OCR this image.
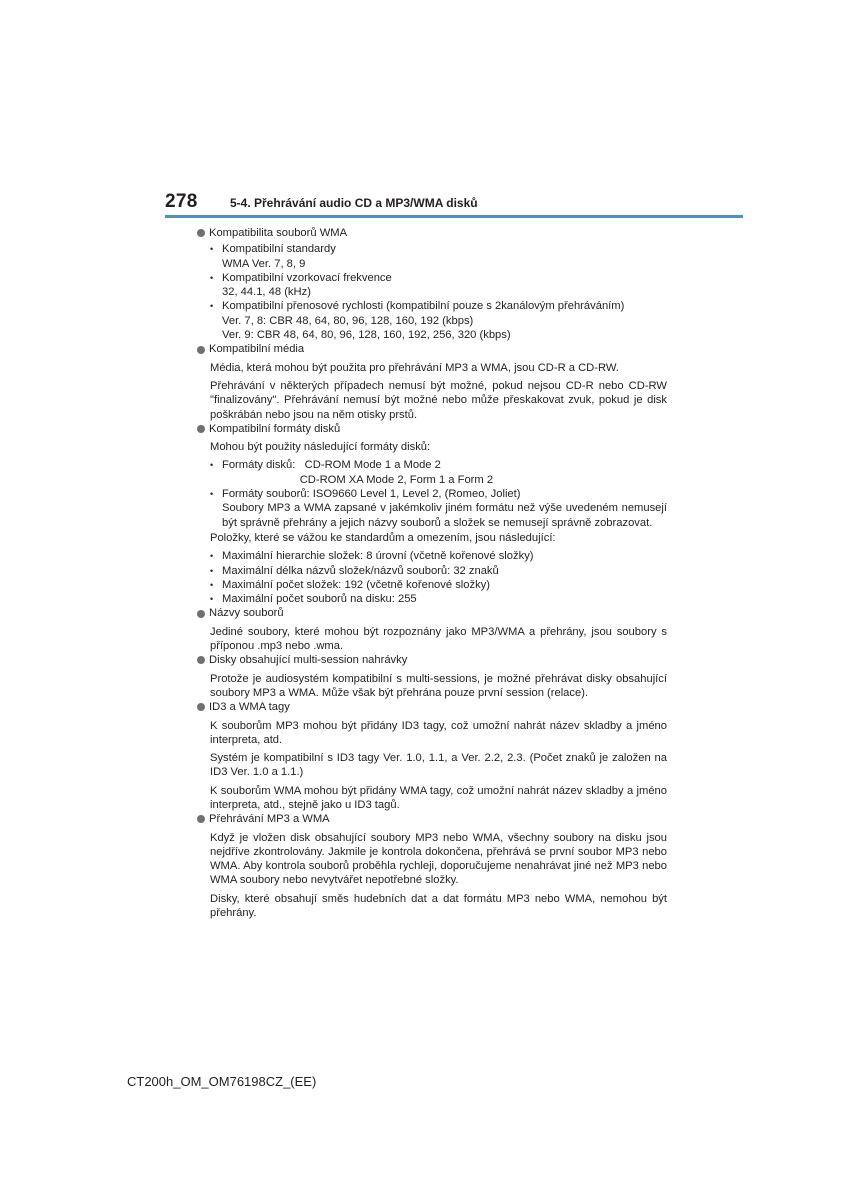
278	5-4. Přehrávání audio CD a MP3/WMA disků
Kompatibilita souborů WMA
• Kompatibilní standardy
WMA Ver. 7, 8, 9
• Kompatibilní vzorkovací frekvence
32, 44.1, 48 (kHz)
• Kompatibilní přenosové rychlosti (kompatibilní pouze s 2kanálovým přehráváním)
Ver. 7, 8: CBR 48, 64, 80, 96, 128, 160, 192 (kbps)
Ver. 9: CBR 48, 64, 80, 96, 128, 160, 192, 256, 320 (kbps)
Kompatibilní média
Média, která mohou být použita pro přehrávání MP3 a WMA, jsou CD-R a CD-RW.
Přehrávání v některých případech nemusí být možné, pokud nejsou CD-R nebo CD-RW "finalizovány". Přehrávání nemusí být možné nebo může přeskakovat zvuk, pokud je disk poškrábán nebo jsou na něm otisky prstů.
Kompatibilní formáty disků
Mohou být použity následující formáty disků:
• Formáty disků:   CD-ROM Mode 1 a Mode 2
CD-ROM XA Mode 2, Form 1 a Form 2
• Formáty souborů: ISO9660 Level 1, Level 2, (Romeo, Joliet)
Soubory MP3 a WMA zapsané v jakémkoliv jiném formátu než výše uvedeném nemusejí být správně přehrány a jejich názvy souborů a složek se nemusejí správně zobrazovat.
Položky, které se vážou ke standardům a omezením, jsou následující:
• Maximální hierarchie složek: 8 úrovní (včetně kořenové složky)
• Maximální délka názvů složek/názvů souborů: 32 znaků
• Maximální počet složek: 192 (včetně kořenové složky)
• Maximální počet souborů na disku: 255
Názvy souborů
Jediné soubory, které mohou být rozpoznány jako MP3/WMA a přehrány, jsou soubory s příponou .mp3 nebo .wma.
Disky obsahující multi-session nahrávky
Protože je audiosystém kompatibilní s multi-sessions, je možné přehrávat disky obsahující soubory MP3 a WMA. Může však být přehrána pouze první session (relace).
ID3 a WMA tagy
K souborům MP3 mohou být přidány ID3 tagy, což umožní nahrát název skladby a jméno interpreta, atd.
Systém je kompatibilní s ID3 tagy Ver. 1.0, 1.1, a Ver. 2.2, 2.3. (Počet znaků je založen na ID3 Ver. 1.0 a 1.1.)
K souborům WMA mohou být přidány WMA tagy, což umožní nahrát název skladby a jméno interpreta, atd., stejně jako u ID3 tagů.
Přehrávání MP3 a WMA
Když je vložen disk obsahující soubory MP3 nebo WMA, všechny soubory na disku jsou nejdříve zkontrolovány. Jakmile je kontrola dokončena, přehrává se první soubor MP3 nebo WMA. Aby kontrola souborů proběhla rychleji, doporučujeme nenahrávat jiné než MP3 nebo WMA soubory nebo nevytvářet nepotřebné složky.
Disky, které obsahují směs hudebních dat a dat formátu MP3 nebo WMA, nemohou být přehrány.
CT200h_OM_OM76198CZ_(EE)
